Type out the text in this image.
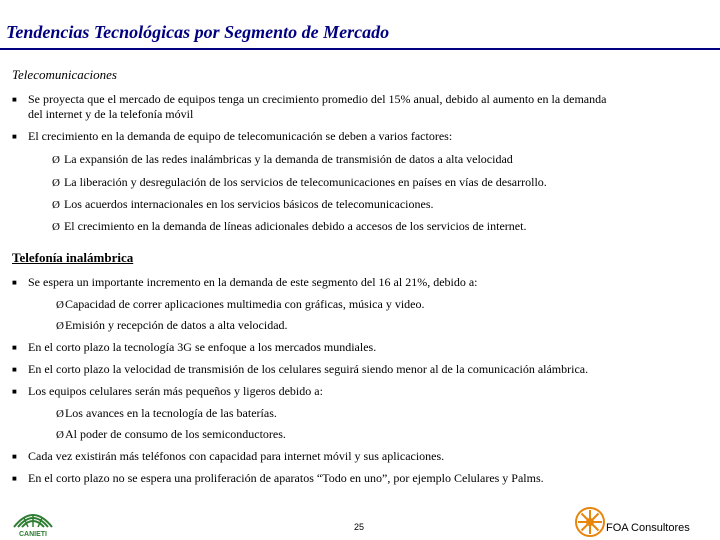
Tendencias Tecnológicas por Segmento de Mercado
Telecomunicaciones
■ Se proyecta que el mercado de equipos tenga un crecimiento promedio del 15% anual, debido al aumento en la demanda
del internet y de la telefonía móvil
■ El crecimiento en la demanda de equipo de telecomunicación se deben a varios factores:
Ø La expansión de las redes inalámbricas y la demanda de transmisión de datos a alta velocidad
Ø La liberación y desregulación de los servicios de telecomunicaciones en países en vías de desarrollo.
Ø Los acuerdos internacionales en los servicios básicos de telecomunicaciones.
Ø El crecimiento en la demanda de líneas adicionales debido a accesos de los servicios de internet.
Telefonía inalámbrica
■ Se espera un importante incremento en la demanda de este segmento del 16 al 21%, debido a:
ØCapacidad de correr aplicaciones multimedia con gráficas, música y video.
ØEmisión y recepción de datos a alta velocidad.
■ En el corto plazo la tecnología 3G se enfoque a los mercados mundiales.
■ En el corto plazo la velocidad de transmisión de los celulares seguirá siendo menor al de la comunicación alámbrica.
■ Los equipos celulares serán más pequeños y ligeros debido a:
ØLos avances en la tecnología de las baterías.
ØAl poder de consumo de los semiconductores.
■ Cada vez existirán más teléfonos con capacidad para internet móvil y sus aplicaciones.
■ En el corto plazo no se espera una proliferación de aparatos “Todo en uno”, por ejemplo Celulares y Palms.
CANIETI
25	FOA Consultores
